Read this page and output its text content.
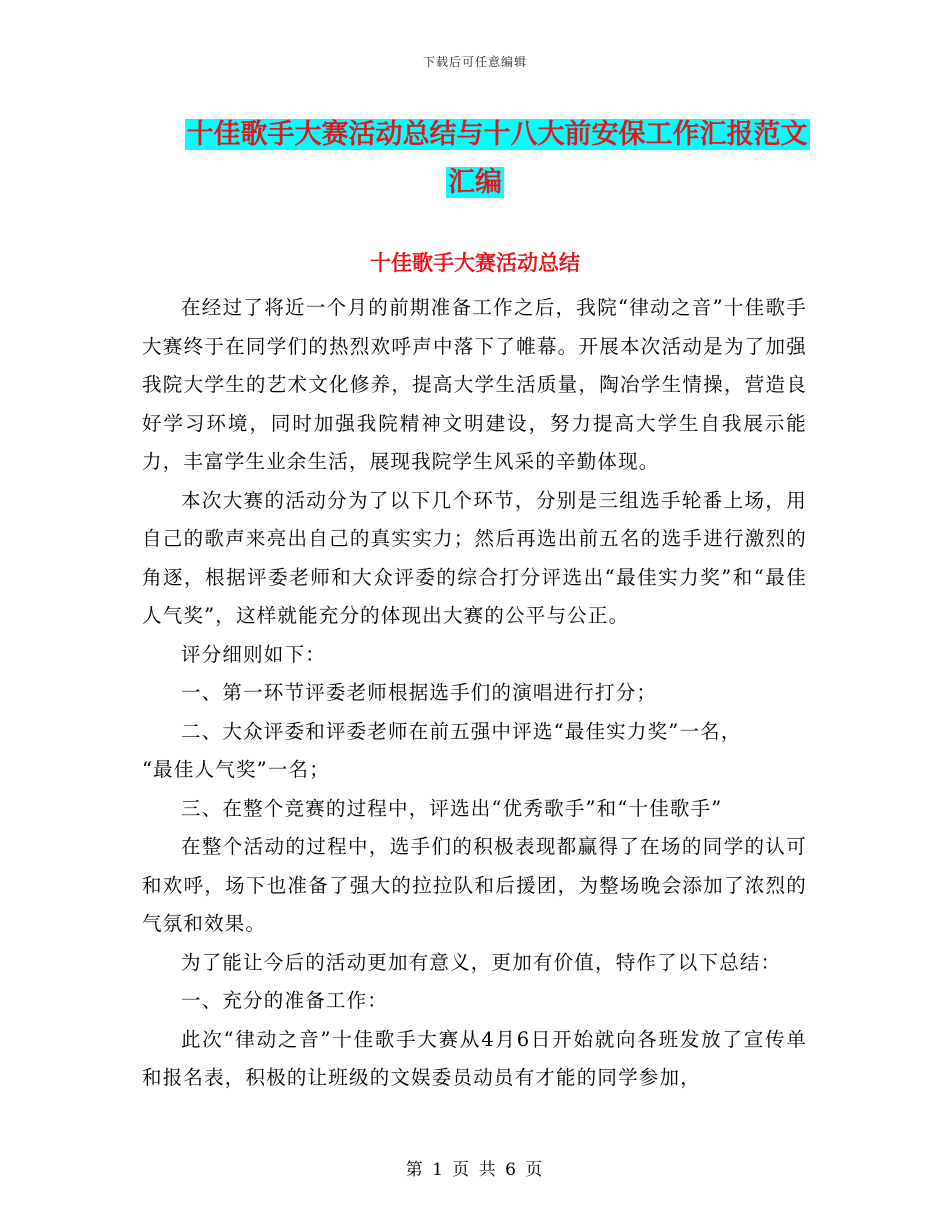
下载后可任意编辑
十佳歌手大赛活动总结与十八大前安保工作汇报范文
汇编
十佳歌手大赛活动总结

在经过了将近一个月的前期准备工作之后，我院“律动之音”十佳歌手大赛终于在同学们的热烈欢呼声中落下了帷幕。开展本次活动是为了加强我院大学生的艺术文化修养，提高大学生活质量，陶冶学生情操，营造良好学习环境，同时加强我院精神文明建设，努力提高大学生自我展示能力，丰富学生业余生活，展现我院学生风采的辛勤体现。

本次大赛的活动分为了以下几个环节，分别是三组选手轮番上场，用自己的歌声来亮出自己的真实实力；然后再选出前五名的选手进行激烈的角逐，根据评委老师和大众评委的综合打分评选出“最佳实力奖”和“最佳人气奖”，这样就能充分的体现出大赛的公平与公正。

评分细则如下：

一、第一环节评委老师根据选手们的演唱进行打分；

二、大众评委和评委老师在前五强中评选“最佳实力奖”一名，

“最佳人气奖”一名；

三、在整个竞赛的过程中，评选出“优秀歌手”和“十佳歌手”

在整个活动的过程中，选手们的积极表现都赢得了在场的同学的认可和欢呼，场下也准备了强大的拉拉队和后援团，为整场晚会添加了浓烈的气氛和效果。

为了能让今后的活动更加有意义，更加有价值，特作了以下总结：

一、充分的准备工作：

此次“律动之音”十佳歌手大赛从4月6日开始就向各班发放了宣传单和报名表，积极的让班级的文娱委员动员有才能的同学参加，

第 1 页 共 6 页
